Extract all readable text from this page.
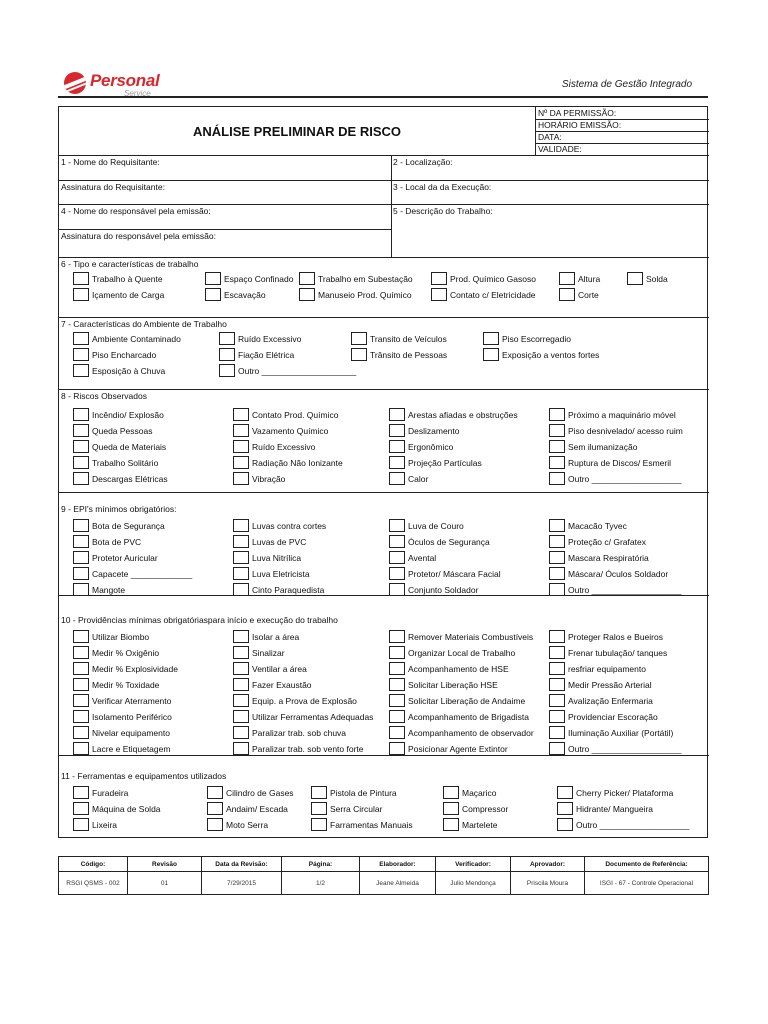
Personal
Service
Sistema de Gestão Integrado
ANÁLISE PRELIMINAR DE RISCO
Nº DA PERMISSÃO:
HORÁRIO EMISSÃO:
DATA:
VALIDADE:
1 - Nome do Requisitante:	2 - Localização:
Assinatura do Requisitante:	3 - Local da da Execução:
4 - Nome do responsável pela emissão:	5 - Descrição do Trabalho:
Assinatura do responsável pela emissão:
6 - Tipo e características de trabalho
Trabalho à Quente	Espaço Confinado	Trabalho em Subestação	Prod. Químico Gasoso	Altura	Solda
Içamento de Carga	Escavação	Manuseio Prod. Químico	Contato c/ Eletricidade	Corte
7 - Características do Ambiente de Trabalho
Ambiente Contaminado	Ruído Excessivo	Transito de Veículos	Piso Escorregadio
Piso Encharcado	Fiação Elétrica	Trânsito de Pessoas	Exposição a ventos fortes
Esposição à Chuva	Outro ____________________
8 - Riscos Observados
Incêndio/ Explosão	Contato Prod. Químico	Arestas afiadas e obstruções	Próximo a maquinário móvel
Queda Pessoas	Vazamento Químico	Deslizamento	Piso desnivelado/ acesso ruim
Queda de Materiais	Ruído Excessivo	Ergonômico	Sem ilumanização
Trabalho Solitário	Radiação Não Ionizante	Projeção Partículas	Ruptura de Discos/ Esmeril
Descargas Elétricas	Vibração	Calor	Outro ___________________
9 - EPI's mínimos obrigatórios:
Bota de Segurança	Luvas contra cortes	Luva de Couro	Macacão Tyvec
Bota de PVC	Luvas de PVC	Óculos de Segurança	Proteção c/ Grafatex
Protetor Auricular	Luva Nitrílica	Avental	Mascara Respiratória
Capacete _____________	Luva Eletricista	Protetor/ Máscara Facial	Máscara/ Óculos Soldador
Mangote	Cinto Paraquedista	Conjunto Soldador	Outro ___________________
10 - Providências mínimas obrigatóriaspara início e execução do trabalho
Utilizar Biombo	Isolar a área	Remover Materiais Combustíveis	Proteger Ralos e Bueiros
Medir % Oxigênio	Sinalizar	Organizar Local de Trabalho	Frenar tubulação/ tanques
Medir % Explosividade	Ventilar a área	Acompanhamento de HSE	resfriar equipamento
Medir % Toxidade	Fazer Exaustão	Solicitar Liberação HSE	Medir Pressão Arterial
Verificar Aterramento	Equip. a Prova de Explosão	Solicitar Liberação de Andaime	Avalização Enfermaria
Isolamento Periférico	Utilizar Ferramentas Adequadas	Acompanhamento de Brigadista	Providenciar Escoração
Nivelar equipamento	Paralizar trab. sob chuva	Acompanhamento de observador	Iluminação Auxiliar (Portátil)
Lacre e Etiquetagem	Paralizar trab. sob vento forte	Posicionar Agente Extintor	Outro ___________________
11 - Ferramentas e equipamentos utilizados
Furadeira	Cilindro de Gases	Pistola de Pintura	Maçarico	Cherry Picker/ Plataforma
Máquina de Solda	Andaim/ Escada	Serra Circular	Compressor	Hidrante/ Mangueira
Lixeira	Moto Serra	Farramentas Manuais	Martelete	Outro ___________________
Código:	Revisão	Data da Revisão:	Página:	Elaborador:	Verificador:	Aprovador:	Documento de Referência:
RSGI QSMS - 002	01	7/29/2015	1/2	Jeane Almeida	Julio Mendonça	Priscila Moura	ISGI - 67 - Controle Operacional
